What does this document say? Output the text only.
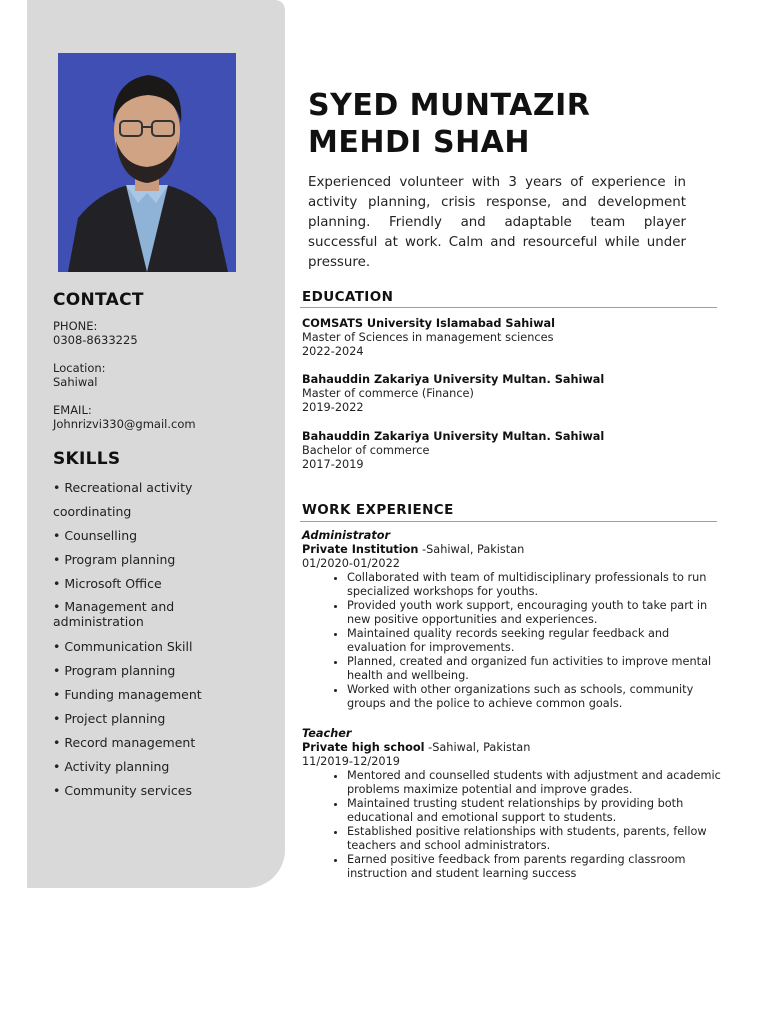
CONTACT
PHONE:
0308-8633225
Location:
Sahiwal
EMAIL:
Johnrizvi330@gmail.com
SKILLS
• Recreational activity coordinating
• Counselling
• Program planning
• Microsoft Office
• Management and administration
• Communication Skill
• Program planning
• Funding management
• Project planning
• Record management
• Activity planning
• Community services
SYED MUNTAZIR
MEHDI SHAH
Experienced volunteer with 3 years of experience in activity planning, crisis response, and development planning. Friendly and adaptable team player successful at work. Calm and resourceful while under pressure.
EDUCATION
COMSATS University Islamabad Sahiwal
Master of Sciences in management sciences
2022-2024
Bahauddin Zakariya University Multan. Sahiwal
Master of commerce (Finance)
2019-2022
Bahauddin Zakariya University Multan. Sahiwal
Bachelor of commerce
2017-2019
WORK EXPERIENCE
Administrator
Private Institution -Sahiwal, Pakistan
01/2020-01/2022
• Collaborated with team of multidisciplinary professionals to run specialized workshops for youths.
• Provided youth work support, encouraging youth to take part in new positive opportunities and experiences.
• Maintained quality records seeking regular feedback and evaluation for improvements.
• Planned, created and organized fun activities to improve mental health and wellbeing.
• Worked with other organizations such as schools, community groups and the police to achieve common goals.
Teacher
Private high school -Sahiwal, Pakistan
11/2019-12/2019
• Mentored and counselled students with adjustment and academic problems maximize potential and improve grades.
• Maintained trusting student relationships by providing both educational and emotional support to students.
• Established positive relationships with students, parents, fellow teachers and school administrators.
• Earned positive feedback from parents regarding classroom instruction and student learning success
